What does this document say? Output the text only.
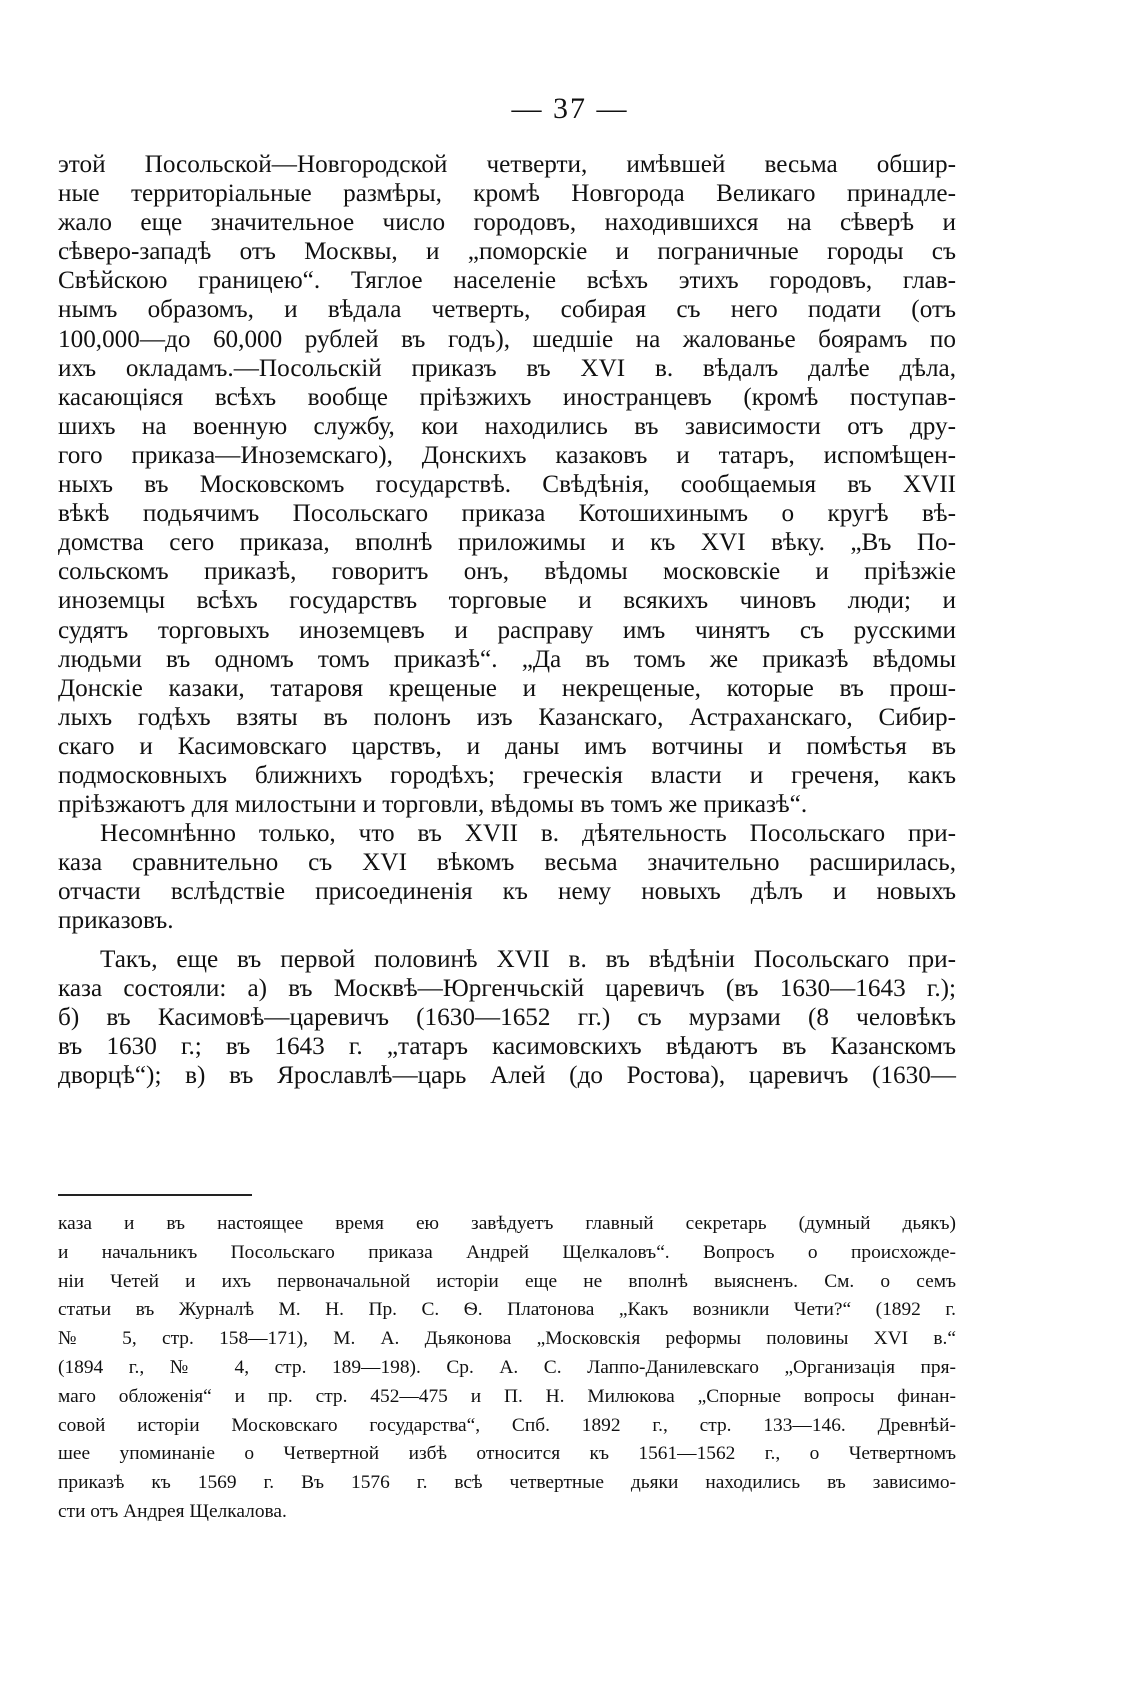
— 37 —
этой Посольской—Новгородской четверти, имѣвшей весьма обшир-
ные территоріальные размѣры, кромѣ Новгорода Великаго принадле-
жало еще значительное число городовъ, находившихся на сѣверѣ и
сѣверо-западѣ отъ Москвы, и „поморскіе и пограничные городы съ
Свѣйскою границею“. Тяглое населеніе всѣхъ этихъ городовъ, глав-
нымъ образомъ, и вѣдала четверть, собирая съ него подати (отъ
100,000—до 60,000 рублей въ годъ), шедшіе на жалованье боярамъ по
ихъ окладамъ.—Посольскій приказъ въ XVI в. вѣдалъ далѣе дѣла,
касающіяся всѣхъ вообще пріѣзжихъ иностранцевъ (кромѣ поступав-
шихъ на военную службу, кои находились въ зависимости отъ дру-
гого приказа—Иноземскаго), Донскихъ казаковъ и татаръ, испомѣщен-
ныхъ въ Московскомъ государствѣ. Свѣдѣнія, сообщаемыя въ XVII
вѣкѣ подьячимъ Посольскаго приказа Котошихинымъ о кругѣ вѣ-
домства сего приказа, вполнѣ приложимы и къ XVI вѣку. „Въ По-
сольскомъ приказѣ, говоритъ онъ, вѣдомы московскіе и пріѣзжіе
иноземцы всѣхъ государствъ торговые и всякихъ чиновъ люди; и
судятъ торговыхъ иноземцевъ и расправу имъ чинятъ съ русскими
людьми въ одномъ томъ приказѣ“. „Да въ томъ же приказѣ вѣдомы
Донскіе казаки, татаровя крещеные и некрещеные, которые въ прош-
лыхъ годѣхъ взяты въ полонъ изъ Казанскаго, Астраханскаго, Сибир-
скаго и Касимовскаго царствъ, и даны имъ вотчины и помѣстья въ
подмосковныхъ ближнихъ городѣхъ; греческія власти и греченя, какъ
пріѣзжаютъ для милостыни и торговли, вѣдомы въ томъ же приказѣ“.
Несомнѣнно только, что въ XVII в. дѣятельность Посольскаго при-
каза сравнительно съ XVI вѣкомъ весьма значительно расширилась,
отчасти вслѣдствіе присоединенія къ нему новыхъ дѣлъ и новыхъ
приказовъ.
Такъ, еще въ первой половинѣ XVII в. въ вѣдѣніи Посольскаго при-
каза состояли: а) въ Москвѣ—Юргенчьскій царевичъ (въ 1630—1643 г.);
б) въ Касимовѣ—царевичъ (1630—1652 гг.) съ мурзами (8 человѣкъ
въ 1630 г.; въ 1643 г. „татаръ касимовскихъ вѣдаютъ въ Казанскомъ
дворцѣ“); в) въ Ярославлѣ—царь Алей (до Ростова), царевичъ (1630—
каза и въ настоящее время ею завѣдуетъ главный секретарь (думный дьякъ)
и начальникъ Посольскаго приказа Андрей Щелкаловъ“. Вопросъ о происхожде-
ніи Четей и ихъ первоначальной исторіи еще не вполнѣ выясненъ. См. о семъ
статьи въ Журналѣ М. Н. Пр. С. Ѳ. Платонова „Какъ возникли Чети?“ (1892 г.
№ 5, стр. 158—171), М. А. Дьяконова „Московскія реформы половины XVI в.“
(1894 г., № 4, стр. 189—198). Ср. А. С. Лаппо-Данилевскаго „Организація пря-
маго обложенія“ и пр. стр. 452—475 и П. Н. Милюкова „Спорные вопросы финан-
совой исторіи Московскаго государства“, Спб. 1892 г., стр. 133—146. Древнѣй-
шее упоминаніе о Четвертной избѣ относится къ 1561—1562 г., о Четвертномъ
приказѣ къ 1569 г. Въ 1576 г. всѣ четвертные дьяки находились въ зависимо-
сти отъ Андрея Щелкалова.
